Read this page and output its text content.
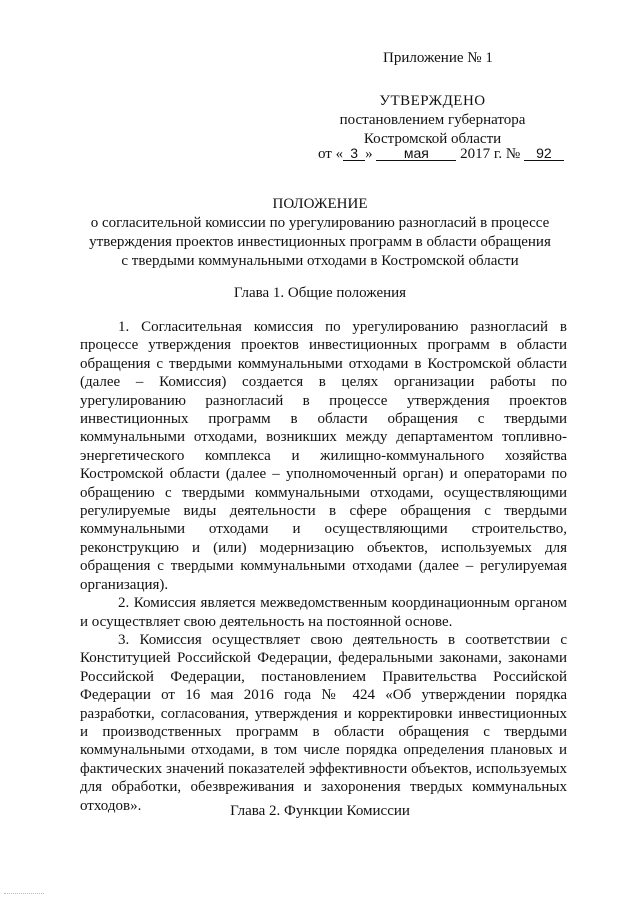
Приложение № 1
УТВЕРЖДЕНО
постановлением губернатора
Костромской области
от « 3 » мая 2017 г. № 92
ПОЛОЖЕНИЕ
о согласительной комиссии по урегулированию разногласий в процессе
утверждения проектов инвестиционных программ в области обращения
с твердыми коммунальными отходами в Костромской области
Глава 1. Общие положения

1. Согласительная комиссия по урегулированию разногласий в процессе утверждения проектов инвестиционных программ в области обращения с твердыми коммунальными отходами в Костромской области (далее – Комиссия) создается в целях организации работы по урегулированию разногласий в процессе утверждения проектов инвестиционных программ в области обращения с твердыми коммунальными отходами, возникших между департаментом топливно-энергетического комплекса и жилищно-коммунального хозяйства Костромской области (далее – уполномоченный орган) и операторами по обращению с твердыми коммунальными отходами, осуществляющими регулируемые виды деятельности в сфере обращения с твердыми коммунальными отходами и осуществляющими строительство, реконструкцию и (или) модернизацию объектов, используемых для обращения с твердыми коммунальными отходами (далее – регулируемая организация).

2. Комиссия является межведомственным координационным органом и осуществляет свою деятельность на постоянной основе.

3. Комиссия осуществляет свою деятельность в соответствии с Конституцией Российской Федерации, федеральными законами, законами Российской Федерации, постановлением Правительства Российской Федерации от 16 мая 2016 года № 424 «Об утверждении порядка разработки, согласования, утверждения и корректировки инвестиционных и производственных программ в области обращения с твердыми коммунальными отходами, в том числе порядка определения плановых и фактических значений показателей эффективности объектов, используемых для обработки, обезвреживания и захоронения твердых коммунальных отходов».	Глава 2. Функции Комиссии
